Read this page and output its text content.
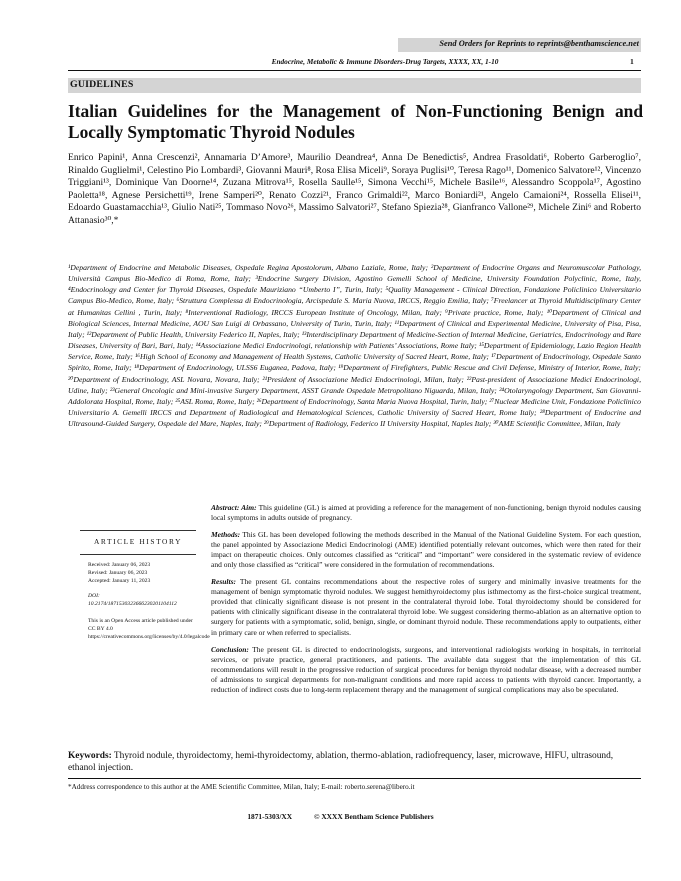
Send Orders for Reprints to reprints@benthamscience.net
Endocrine, Metabolic & Immune Disorders-Drug Targets, XXXX, XX, 1-10	1
GUIDELINES
Italian Guidelines for the Management of Non-Functioning Benign and Locally Symptomatic Thyroid Nodules
Enrico Papini¹, Anna Crescenzi², Annamaria D’Amore³, Maurilio Deandrea⁴, Anna De Benedictis⁵, Andrea Frasoldati⁶, Roberto Garberoglio⁷, Rinaldo Guglielmi¹, Celestino Pio Lombardi³, Giovanni Mauri⁸, Rosa Elisa Miceli⁹, Soraya Puglisi¹⁰, Teresa Rago¹¹, Domenico Salvatore¹², Vincenzo Triggiani¹³, Dominique Van Doorne¹⁴, Zuzana Mitrova¹⁵, Rosella Saulle¹⁵, Simona Vecchi¹⁵, Michele Basile¹⁶, Alessandro Scoppola¹⁷, Agostino Paoletta¹⁸, Agnese Persichetti¹⁹, Irene Samperi²⁰, Renato Cozzi²¹, Franco Grimaldi²², Marco Boniardi²¹, Angelo Camaioni²⁴, Rossella Elisei¹¹, Edoardo Guastamacchia¹³, Giulio Nati²⁵, Tommaso Novo²⁶, Massimo Salvatori²⁷, Stefano Spiezia²⁸, Gianfranco Vallone²⁹, Michele Zini⁶ and Roberto Attanasio³⁰,*
¹Department of Endocrine and Metabolic Diseases, Ospedale Regina Apostolorum, Albano Laziale, Rome, Italy; ²Department of Endocrine Organs and Neuromuscolar Pathology, Università Campus Bio-Medico di Roma, Rome, Italy; ³Endocrine Surgery Division, Agostino Gemelli School of Medicine, University Foundation Polyclinic, Rome, Italy, ⁴Endocrinology and Center for Thyroid Diseases, Ospedale Mauriziano “Umberto I”, Turin, Italy; ⁵Quality Management - Clinical Direction, Fondazione Policlinico Universitario Campus Bio-Medico, Rome, Italy; ⁶Struttura Complessa di Endocrinologia, Arcispedale S. Maria Nuova, IRCCS, Reggio Emilia, Italy; ⁷Freelancer at Thyroid Multidisciplinary Center at Humanitas Cellini , Turin, Italy; ⁸Interventional Radiology, IRCCS European Institute of Oncology, Milan, Italy; ⁹Private practice, Rome, Italy; ¹⁰Department of Clinical and Biological Sciences, Internal Medicine, AOU San Luigi di Orbassano, University of Turin, Turin, Italy; ¹¹Department of Clinical and Experimental Medicine, University of Pisa, Pisa, Italy; ¹²Department of Public Health, University Federico II, Naples, Italy; ¹³Interdisciplinary Department of Medicine-Section of Internal Medicine, Geriatrics, Endocrinology and Rare Diseases, University of Bari, Bari, Italy; ¹⁴Associazione Medici Endocrinologi, relationship with Patients’ Associations, Rome Italy; ¹⁵Department of Epidemiology, Lazio Region Health Service, Rome, Italy; ¹⁶High School of Economy and Management of Health Systems, Catholic University of Sacred Heart, Rome, Italy; ¹⁷Department of Endocrinology, Ospedale Santo Spirito, Rome, Italy; ¹⁸Department of Endocrinology, ULSS6 Euganea, Padova, Italy; ¹⁹Department of Firefighters, Public Rescue and Civil Defense, Ministry of Interior, Rome, Italy; ²⁰Department of Endocrinology, ASL Novara, Novara, Italy; ²¹President of Associazione Medici Endocrinologi, Milan, Italy; ²²Past-president of Associazione Medici Endocrinologi, Udine, Italy; ²³General Oncologic and Mini-invasive Surgery Department, ASST Grande Ospedale Metropolitano Niguarda, Milan, Italy; ²⁴Otolaryngology Department, San Giovanni-Addolorata Hospital, Rome, Italy; ²⁵ASL Roma, Rome, Italy; ²⁶Department of Endocrinology, Santa Maria Nuova Hospital, Turin, Italy; ²⁷Nuclear Medicine Unit, Fondazione Policlinico Universitario A. Gemelli IRCCS and Department of Radiological and Hematological Sciences, Catholic University of Sacred Heart, Rome Italy; ²⁸Department of Endocrine and Ultrasound-Guided Surgery, Ospedale del Mare, Naples, Italy; ²⁹Department of Radiology, Federico II University Hospital, Naples Italy; ³⁰AME Scientific Committee, Milan, Italy
ARTICLE HISTORY
Received: January 06, 2023
Revised: January 06, 2023
Accepted: January 11, 2023
DOI:
10.2174/1871530323666230201104112
This is an Open Access article published under CC BY 4.0 https://creativecommons.org/licenses/by/4.0/legalcode

Abstract: Aim: This guideline (GL) is aimed at providing a reference for the management of non-functioning, benign thyroid nodules causing local symptoms in adults outside of pregnancy.

Methods: This GL has been developed following the methods described in the Manual of the National Guideline System. For each question, the panel appointed by Associazione Medici Endocrinologi (AME) identified potentially relevant outcomes, which were then rated for their impact on therapeutic choices. Only outcomes classified as “critical” and “important” were considered in the systematic review of evidence and only those classified as “critical” were considered in the formulation of recommendations.

Results: The present GL contains recommendations about the respective roles of surgery and minimally invasive treatments for the management of benign symptomatic thyroid nodules. We suggest hemithyroidectomy plus isthmectomy as the first-choice surgical treatment, provided that clinically significant disease is not present in the contralateral thyroid lobe. Total thyroidectomy should be considered for patients with clinically significant disease in the contralateral thyroid lobe. We suggest considering thermo-ablation as an alternative option to surgery for patients with a symptomatic, solid, benign, single, or dominant thyroid nodule. These recommendations apply to outpatients, either in primary care or when referred to specialists.

Conclusion: The present GL is directed to endocrinologists, surgeons, and interventional radiologists working in hospitals, in territorial services, or private practice, general practitioners, and patients. The available data suggest that the implementation of this GL recommendations will result in the progressive reduction of surgical procedures for benign thyroid nodular disease, with a decreased number of admissions to surgical departments for non-malignant conditions and more rapid access to patients with thyroid cancer. Importantly, a reduction of indirect costs due to long-term replacement therapy and the management of surgical complications may also be speculated.

Keywords: Thyroid nodule, thyroidectomy, hemi-thyroidectomy, ablation, thermo-ablation, radiofrequency, laser, microwave, HIFU, ultrasound, ethanol injection.
*Address correspondence to this author at the AME Scientific Committee, Milan, Italy; E-mail: roberto.serena@libero.it
1871-5303/XX	© XXXX Bentham Science Publishers
